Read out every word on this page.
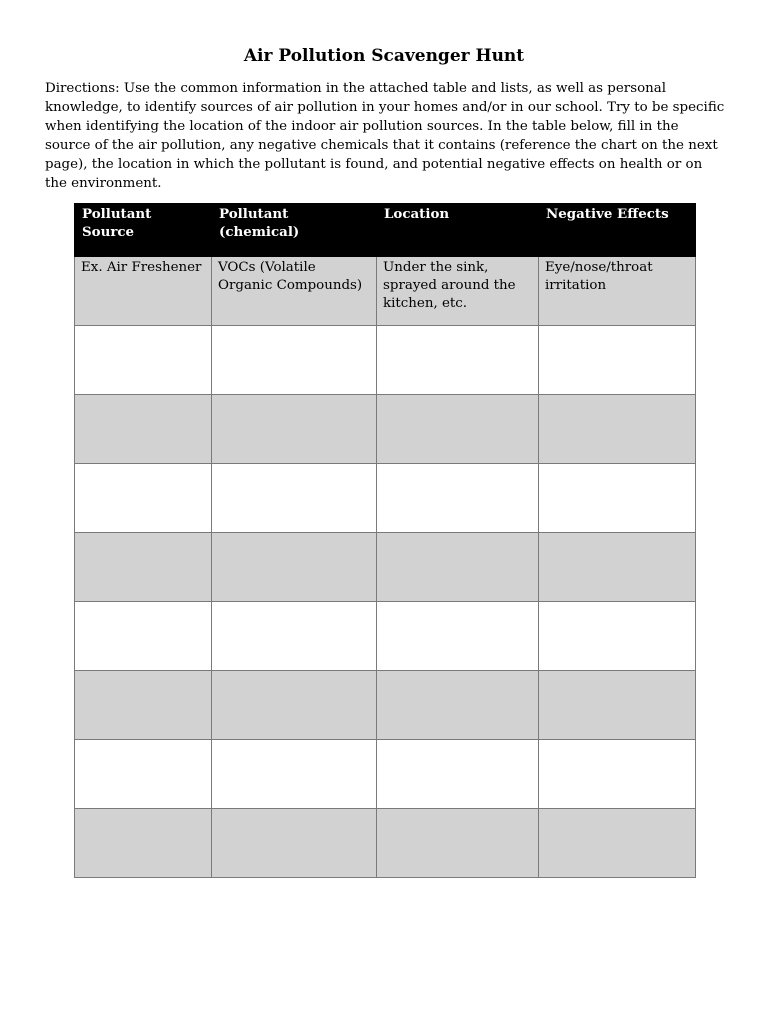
Air Pollution Scavenger Hunt
Directions: Use the common information in the attached table and lists, as well as personal knowledge, to identify sources of air pollution in your homes and/or in our school. Try to be specific when identifying the location of the indoor air pollution sources. In the table below, fill in the source of the air pollution, any negative chemicals that it contains (reference the chart on the next page), the location in which the pollutant is found, and potential negative effects on health or on the environment.
Pollutant Source	Pollutant (chemical)	Location	Negative Effects
Ex. Air Freshener	VOCs (Volatile Organic Compounds)	Under the sink, sprayed around the kitchen, etc.	Eye/nose/throat irritation
